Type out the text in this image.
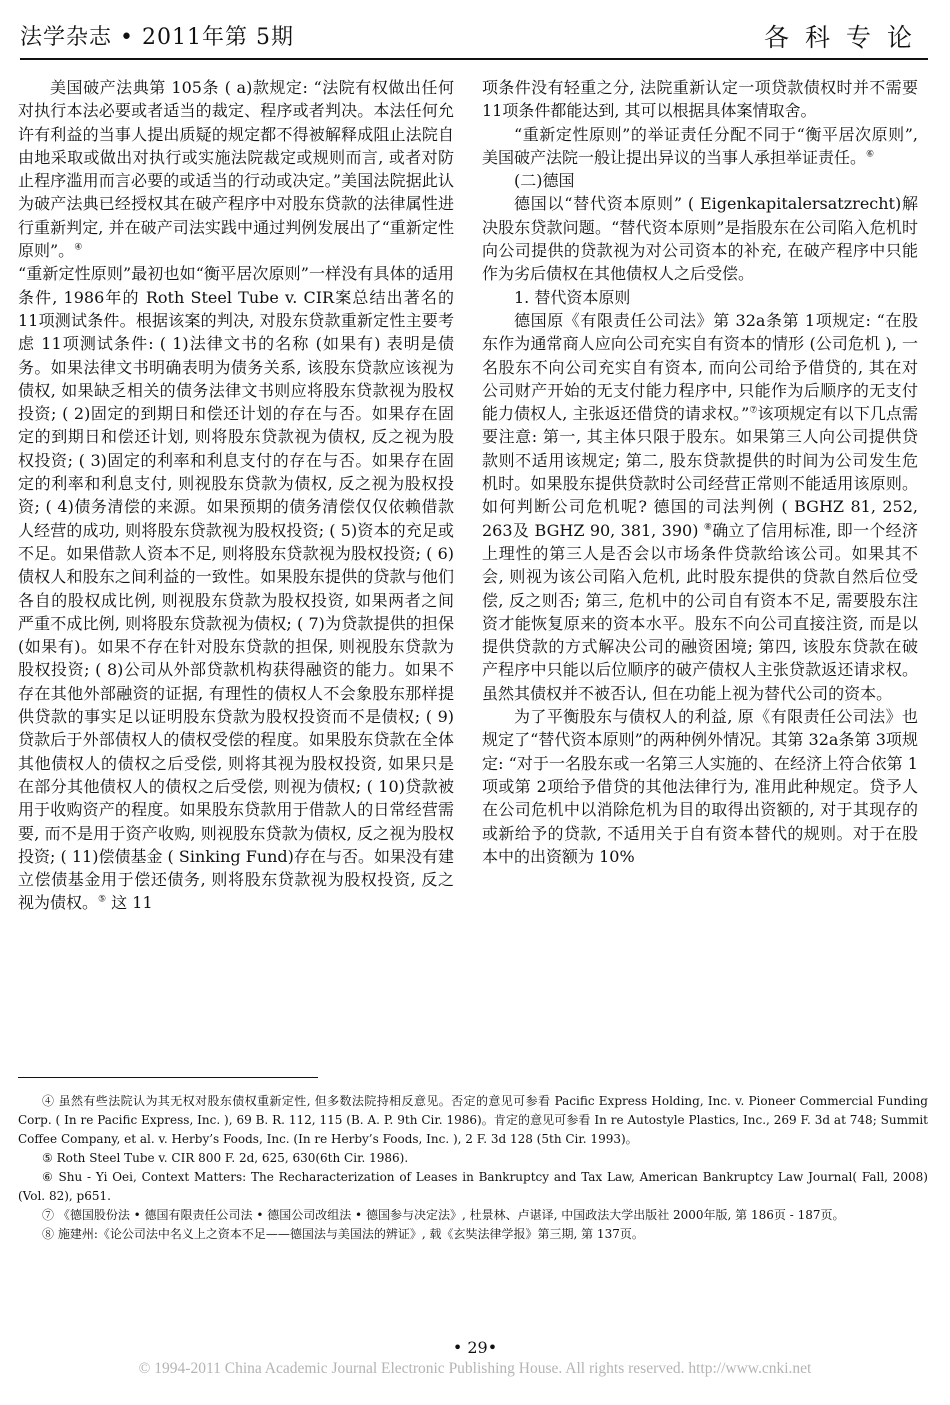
法学杂志 • 2011年第 5期	各科专论

美国破产法典第 105条 ( a)款规定: “法院有权做出任何对执行本法必要或者适当的裁定、程序或者判决。本法任何允许有利益的当事人提出质疑的规定都不得被解释成阻止法院自由地采取或做出对执行或实施法院裁定或规则而言, 或者对防止程序滥用而言必要的或适当的行动或决定。”美国法院据此认为破产法典已经授权其在破产程序中对股东贷款的法律属性进行重新判定, 并在破产司法实践中通过判例发展出了“重新定性原则”。④

“重新定性原则”最初也如“衡平居次原则”一样没有具体的适用条件, 1986年的 Roth Steel Tube v. CIR案总结出著名的 11项测试条件。根据该案的判决, 对股东贷款重新定性主要考虑 11项测试条件: ( 1)法律文书的名称 (如果有) 表明是债务。如果法律文书明确表明为债务关系, 该股东贷款应该视为债权, 如果缺乏相关的债务法律文书则应将股东贷款视为股权投资; ( 2)固定的到期日和偿还计划的存在与否。如果存在固定的到期日和偿还计划, 则将股东贷款视为债权, 反之视为股权投资; ( 3)固定的利率和利息支付的存在与否。如果存在固定的利率和利息支付, 则视股东贷款为债权, 反之视为股权投资; ( 4)债务清偿的来源。如果预期的债务清偿仅仅依赖借款人经营的成功, 则将股东贷款视为股权投资; ( 5)资本的充足或不足。如果借款人资本不足, 则将股东贷款视为股权投资; ( 6)债权人和股东之间利益的一致性。如果股东提供的贷款与他们各自的股权成比例, 则视股东贷款为股权投资, 如果两者之间严重不成比例, 则将股东贷款视为债权; ( 7)为贷款提供的担保 (如果有)。如果不存在针对股东贷款的担保, 则视股东贷款为股权投资; ( 8)公司从外部贷款机构获得融资的能力。如果不存在其他外部融资的证据, 有理性的债权人不会象股东那样提供贷款的事实足以证明股东贷款为股权投资而不是债权; ( 9)贷款后于外部债权人的债权受偿的程度。如果股东贷款在全体其他债权人的债权之后受偿, 则将其视为股权投资, 如果只是在部分其他债权人的债权之后受偿, 则视为债权; ( 10)贷款被用于收购资产的程度。如果股东贷款用于借款人的日常经营需要, 而不是用于资产收购, 则视股东贷款为债权, 反之视为股权投资; ( 11)偿债基金 ( Sinking Fund)存在与否。如果没有建立偿债基金用于偿还债务, 则将股东贷款视为股权投资, 反之视为债权。⑤ 这 11

项条件没有轻重之分, 法院重新认定一项贷款债权时并不需要 11项条件都能达到, 其可以根据具体案情取舍。

“重新定性原则”的举证责任分配不同于“衡平居次原则”, 美国破产法院一般让提出异议的当事人承担举证责任。⑥

(二)德国

德国以“替代资本原则” ( Eigenkapitalersatzrecht)解决股东贷款问题。“替代资本原则”是指股东在公司陷入危机时向公司提供的贷款视为对公司资本的补充, 在破产程序中只能作为劣后债权在其他债权人之后受偿。

1. 替代资本原则

德国原《有限责任公司法》第 32a条第 1项规定: “在股东作为通常商人应向公司充实自有资本的情形 (公司危机 ), 一名股东不向公司充实自有资本, 而向公司给予借贷的, 其在对公司财产开始的无支付能力程序中, 只能作为后顺序的无支付能力债权人, 主张返还借贷的请求权。”⑦该项规定有以下几点需要注意: 第一, 其主体只限于股东。如果第三人向公司提供贷款则不适用该规定; 第二, 股东贷款提供的时间为公司发生危机时。如果股东提供贷款时公司经营正常则不能适用该原则。如何判断公司危机呢? 德国的司法判例 ( BGHZ 81, 252, 263及 BGHZ 90, 381, 390) ⑧确立了信用标准, 即一个经济上理性的第三人是否会以市场条件贷款给该公司。如果其不会, 则视为该公司陷入危机, 此时股东提供的贷款自然后位受偿, 反之则否; 第三, 危机中的公司自有资本不足, 需要股东注资才能恢复原来的资本水平。股东不向公司直接注资, 而是以提供贷款的方式解决公司的融资困境; 第四, 该股东贷款在破产程序中只能以后位顺序的破产债权人主张贷款返还请求权。虽然其债权并不被否认, 但在功能上视为替代公司的资本。

为了平衡股东与债权人的利益, 原《有限责任公司法》也规定了“替代资本原则”的两种例外情况。其第 32a条第 3项规定: “对于一名股东或一名第三人实施的、在经济上符合依第 1项或第 2项给予借贷的其他法律行为, 准用此种规定。贷予人在公司危机中以消除危机为目的取得出资额的, 对于其现存的或新给予的贷款, 不适用关于自有资本替代的规则。对于在股本中的出资额为 10%

④ 虽然有些法院认为其无权对股东债权重新定性, 但多数法院持相反意见。否定的意见可参看 Pacific Express Holding, Inc. v. Pioneer Commercial Funding Corp. ( In re Pacific Express, Inc. ), 69 B. R. 112, 115 (B. A. P. 9th Cir. 1986)。肯定的意见可参看 In re Autostyle Plastics, Inc., 269 F. 3d at 748; Summit Coffee Company, et al. v. Herby’s Foods, Inc. (In re Herby’s Foods, Inc. ), 2 F. 3d 128 (5th Cir. 1993)。

⑤ Roth Steel Tube v. CIR 800 F. 2d, 625, 630(6th Cir. 1986).

⑥ Shu - Yi Oei, Context Matters: The Recharacterization of Leases in Bankruptcy and Tax Law, American Bankruptcy Law Journal( Fall, 2008) (Vol. 82), p651.

⑦ 《德国股份法 • 德国有限责任公司法 • 德国公司改组法 • 德国参与决定法》, 杜景林、卢谌译, 中国政法大学出版社 2000年版, 第 186页 - 187页。

⑧ 施建州:《论公司法中名义上之资本不足——德国法与美国法的辨证》, 载《玄奘法律学报》第三期, 第 137页。

• 29•
© 1994-2011 China Academic Journal Electronic Publishing House. All rights reserved. http://www.cnki.net
